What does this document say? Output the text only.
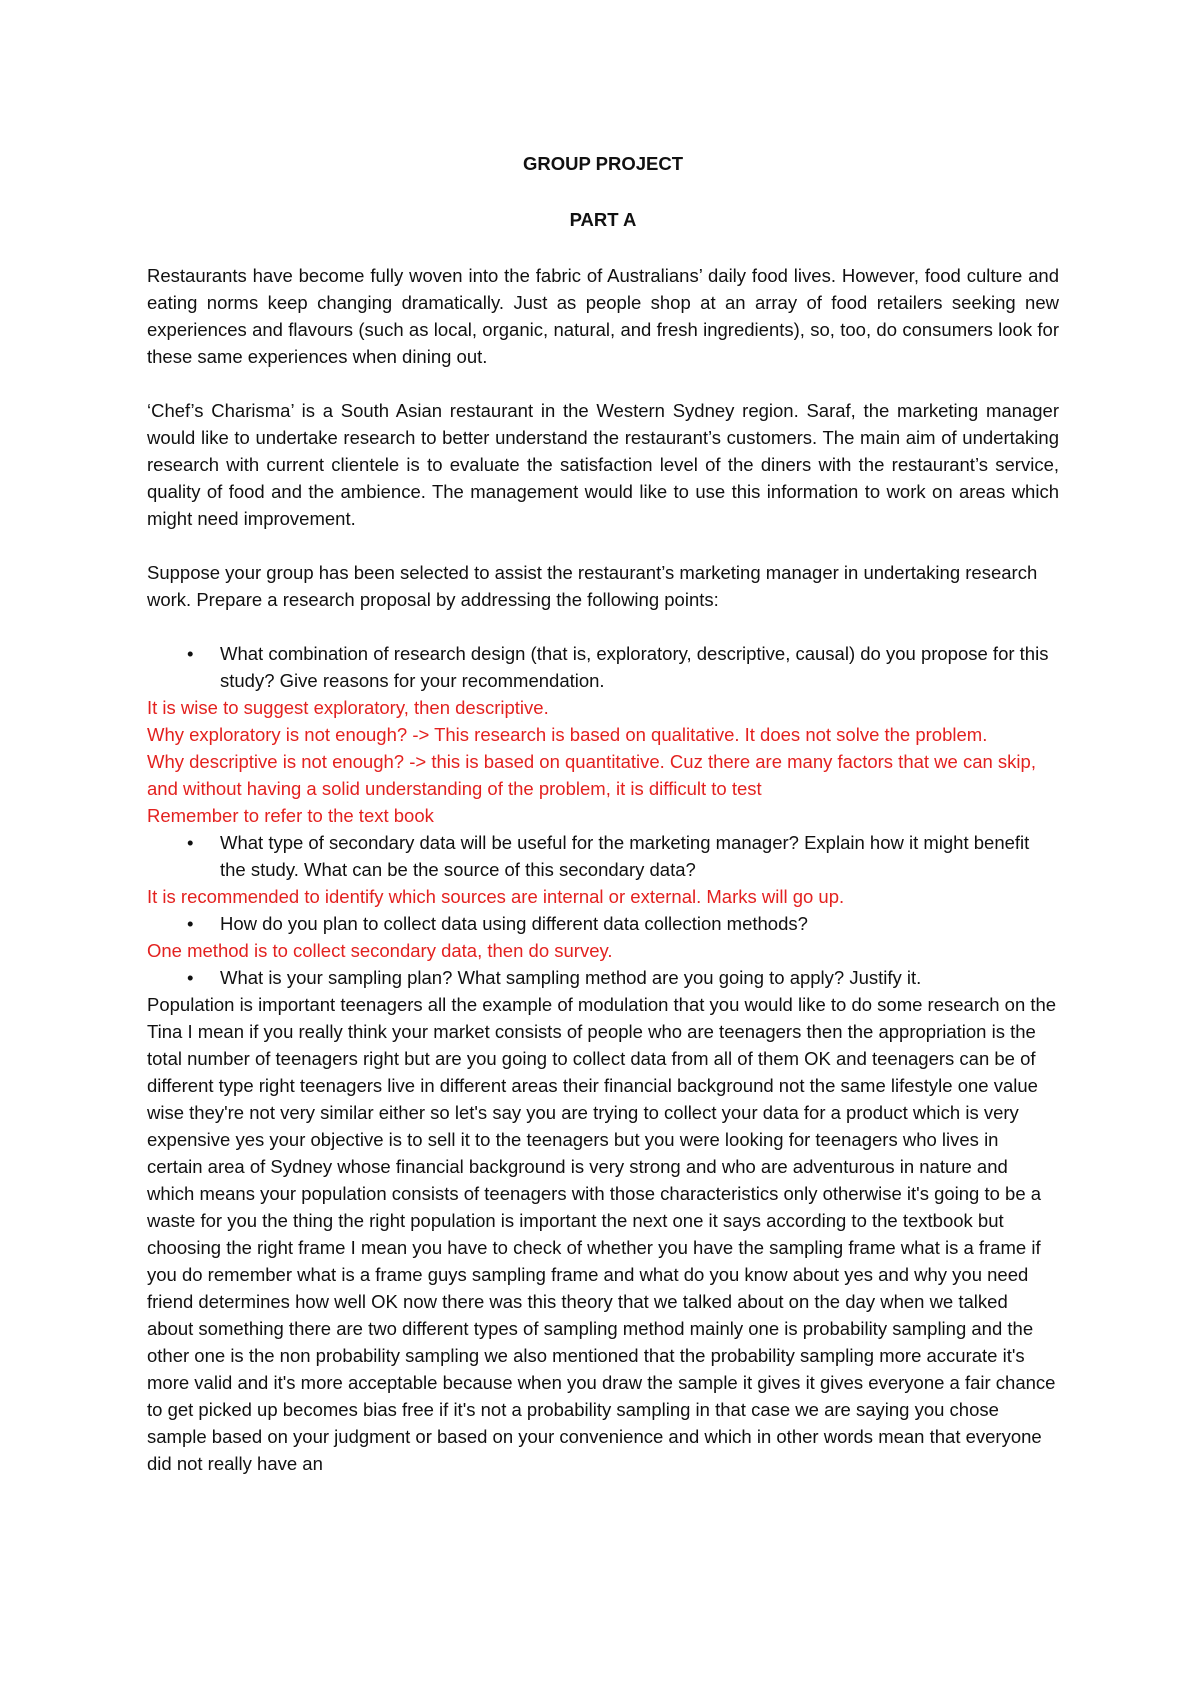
GROUP PROJECT
PART A

Restaurants have become fully woven into the fabric of Australians’ daily food lives. However, food culture and eating norms keep changing dramatically. Just as people shop at an array of food retailers seeking new experiences and flavours (such as local, organic, natural, and fresh ingredients), so, too, do consumers look for these same experiences when dining out.

‘Chef’s Charisma’ is a South Asian restaurant in the Western Sydney region. Saraf, the marketing manager would like to undertake research to better understand the restaurant’s customers. The main aim of undertaking research with current clientele is to evaluate the satisfaction level of the diners with the restaurant’s service, quality of food and the ambience. The management would like to use this information to work on areas which might need improvement.

Suppose your group has been selected to assist the restaurant’s marketing manager in undertaking research work. Prepare a research proposal by addressing the following points:

• What combination of research design (that is, exploratory, descriptive, causal) do you propose for this study? Give reasons for your recommendation.

It is wise to suggest exploratory, then descriptive.

Why exploratory is not enough? -> This research is based on qualitative. It does not solve the problem.

Why descriptive is not enough? -> this is based on quantitative. Cuz there are many factors that we can skip, and without having a solid understanding of the problem, it is difficult to test

Remember to refer to the text book

• What type of secondary data will be useful for the marketing manager? Explain how it might benefit the study. What can be the source of this secondary data?

It is recommended to identify which sources are internal or external. Marks will go up.

• How do you plan to collect data using different data collection methods?

One method is to collect secondary data, then do survey.

• What is your sampling plan? What sampling method are you going to apply? Justify it.

Population is important teenagers all the example of modulation that you would like to do some research on the Tina I mean if you really think your market consists of people who are teenagers then the appropriation is the total number of teenagers right but are you going to collect data from all of them OK and teenagers can be of different type right teenagers live in different areas their financial background not the same lifestyle one value wise they're not very similar either so let's say you are trying to collect your data for a product which is very expensive yes your objective is to sell it to the teenagers but you were looking for teenagers who lives in certain area of Sydney whose financial background is very strong and who are adventurous in nature and which means your population consists of teenagers with those characteristics only otherwise it's going to be a waste for you the thing the right population is important the next one it says according to the textbook but choosing the right frame I mean you have to check of whether you have the sampling frame what is a frame if you do remember what is a frame guys sampling frame and what do you know about yes and why you need friend determines how well OK now there was this theory that we talked about on the day when we talked about something there are two different types of sampling method mainly one is probability sampling and the other one is the non probability sampling we also mentioned that the probability sampling more accurate it's more valid and it's more acceptable because when you draw the sample it gives it gives everyone a fair chance to get picked up becomes bias free if it's not a probability sampling in that case we are saying you chose sample based on your judgment or based on your convenience and which in other words mean that everyone did not really have an
